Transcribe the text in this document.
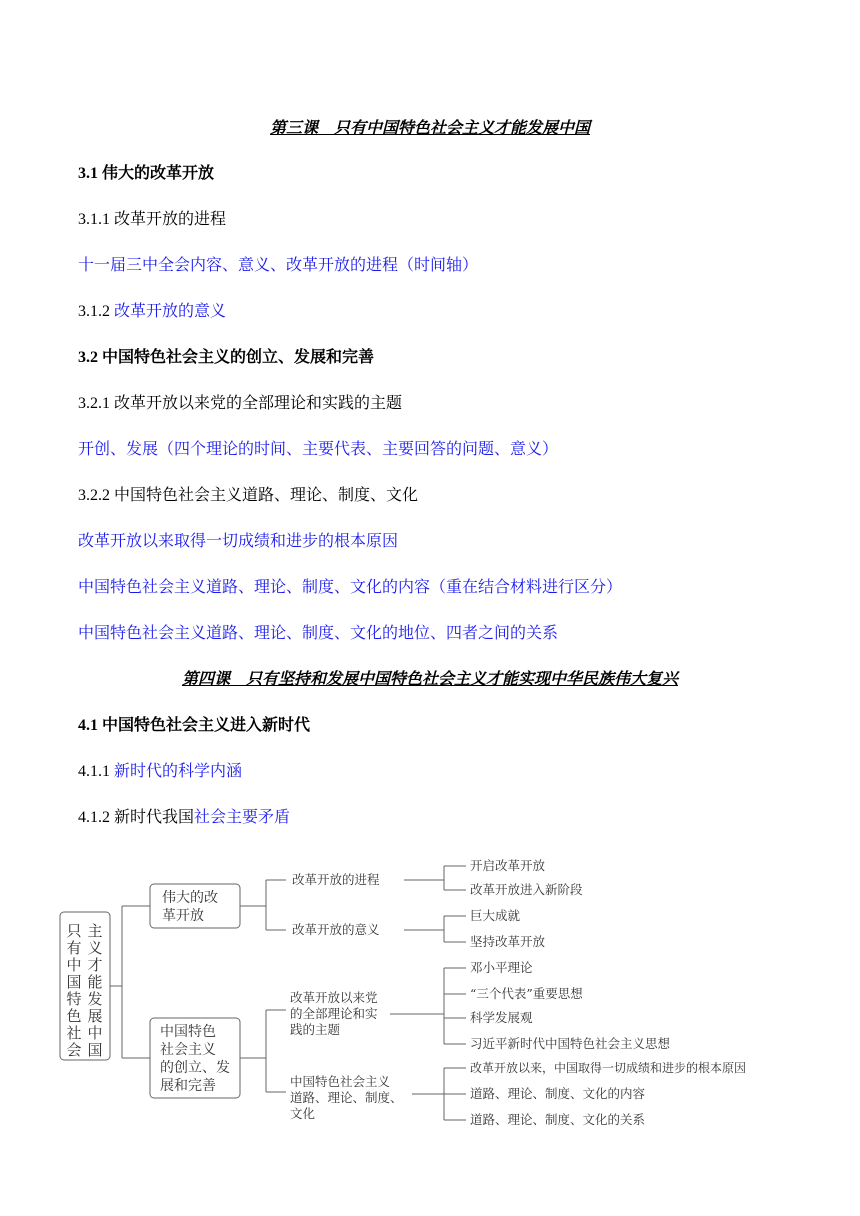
第三课　只有中国特色社会主义才能发展中国
3.1 伟大的改革开放
3.1.1 改革开放的进程
十一届三中全会内容、意义、改革开放的进程（时间轴）
3.1.2 改革开放的意义
3.2 中国特色社会主义的创立、发展和完善
3.2.1 改革开放以来党的全部理论和实践的主题
开创、发展（四个理论的时间、主要代表、主要回答的问题、意义）
3.2.2 中国特色社会主义道路、理论、制度、文化
改革开放以来取得一切成绩和进步的根本原因
中国特色社会主义道路、理论、制度、文化的内容（重在结合材料进行区分）
中国特色社会主义道路、理论、制度、文化的地位、四者之间的关系
第四课　只有坚持和发展中国特色社会主义才能实现中华民族伟大复兴
4.1 中国特色社会主义进入新时代
4.1.1 新时代的科学内涵
4.1.2 新时代我国社会主要矛盾
只
有
中
国
特
色
社
会
主
义
才
能
发
展
中
国
伟大的改
革开放
中国特色
社会主义
的创立、发
展和完善
改革开放的进程
改革开放的意义
改革开放以来党
的全部理论和实
践的主题
中国特色社会主义
道路、理论、制度、
文化
开启改革开放
改革开放进入新阶段
巨大成就
坚持改革开放
邓小平理论
“三个代表”重要思想
科学发展观
习近平新时代中国特色社会主义思想
改革开放以来，中国取得一切成绩和进步的根本原因
道路、理论、制度、文化的内容
道路、理论、制度、文化的关系
